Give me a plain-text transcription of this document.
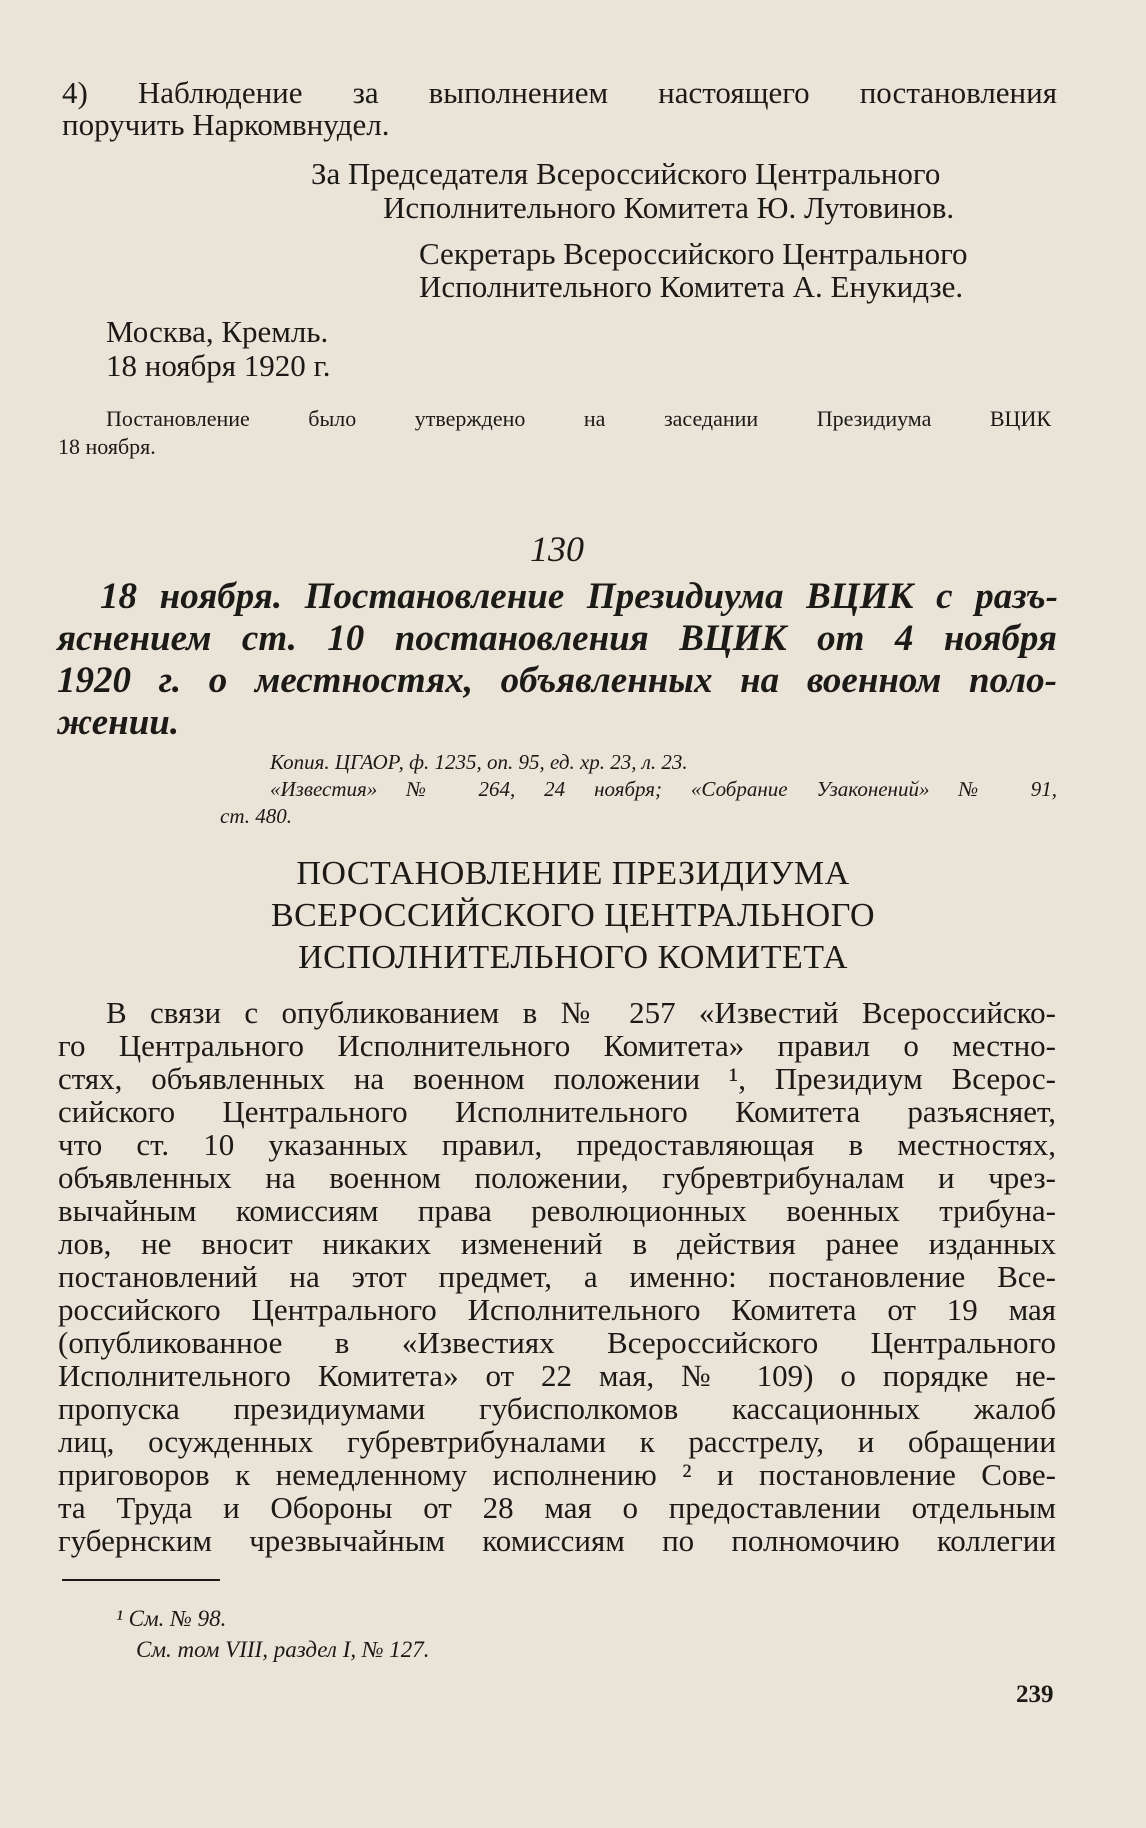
4) Наблюдение за выполнением настоящего постановления

поручить Наркомвнудел.

За Председателя Всероссийского Центрального

Исполнительного Комитета Ю. Лутовинов.

Секретарь Всероссийского Центрального

Исполнительного Комитета А. Енукидзе.

Москва, Кремль.

18 ноября 1920 г.

Постановление было утверждено на заседании Президиума ВЦИК

18 ноября.

130

18 ноября. Постановление Президиума ВЦИК с разъ-

яснением ст. 10 постановления ВЦИК от 4 ноября

1920 г. о местностях, объявленных на военном поло-

жении.

Копия. ЦГАОР, ф. 1235, оп. 95, ед. хр. 23, л. 23.

«Известия» № 264, 24 ноября; «Собрание Узаконений» № 91,

ст. 480.

ПОСТАНОВЛЕНИЕ ПРЕЗИДИУМА

ВСЕРОССИЙСКОГО ЦЕНТРАЛЬНОГО

ИСПОЛНИТЕЛЬНОГО КОМИТЕТА

В связи с опубликованием в № 257 «Известий Всероссийско-

го Центрального Исполнительного Комитета» правил о местно-

стях, объявленных на военном положении ¹, Президиум Всерос-

сийского Центрального Исполнительного Комитета разъясняет,

что ст. 10 указанных правил, предоставляющая в местностях,

объявленных на военном положении, губревтрибуналам и чрез-

вычайным комиссиям права революционных военных трибуна-

лов, не вносит никаких изменений в действия ранее изданных

постановлений на этот предмет, а именно: постановление Все-

российского Центрального Исполнительного Комитета от 19 мая

(опубликованное в «Известиях Всероссийского Центрального

Исполнительного Комитета» от 22 мая, № 109) о порядке не-

пропуска президиумами губисполкомов кассационных жалоб

лиц, осужденных губревтрибуналами к расстрелу, и обращении

приговоров к немедленному исполнению ² и постановление Сове-

та Труда и Обороны от 28 мая о предоставлении отдельным

губернским чрезвычайным комиссиям по полномочию коллегии

¹ См. № 98.

См. том VIII, раздел I, № 127.

239
